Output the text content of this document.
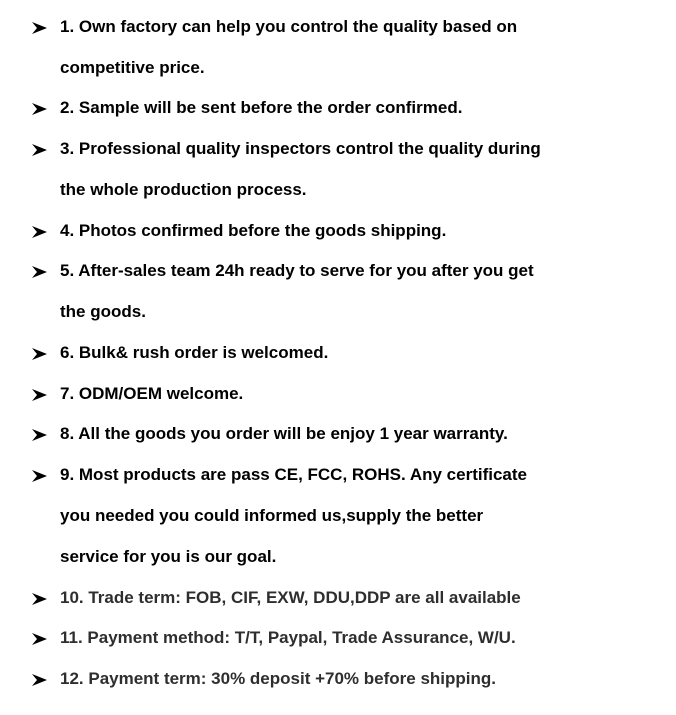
1. Own factory can help you control the quality based on
competitive price.
2. Sample will be sent before the order confirmed.
3. Professional quality inspectors control the quality during
the whole production process.
4. Photos confirmed before the goods shipping.
5. After-sales team 24h ready to serve for you after you get
the goods.
6. Bulk& rush order is welcomed.
7. ODM/OEM welcome.
8. All the goods you order will be enjoy 1 year warranty.
9. Most products are pass CE, FCC, ROHS. Any certificate
you needed you could informed us,supply the better
service for you is our goal.
10. Trade term: FOB, CIF, EXW, DDU,DDP are all available
11. Payment method: T/T, Paypal, Trade Assurance, W/U.
12. Payment term: 30% deposit +70% before shipping.
